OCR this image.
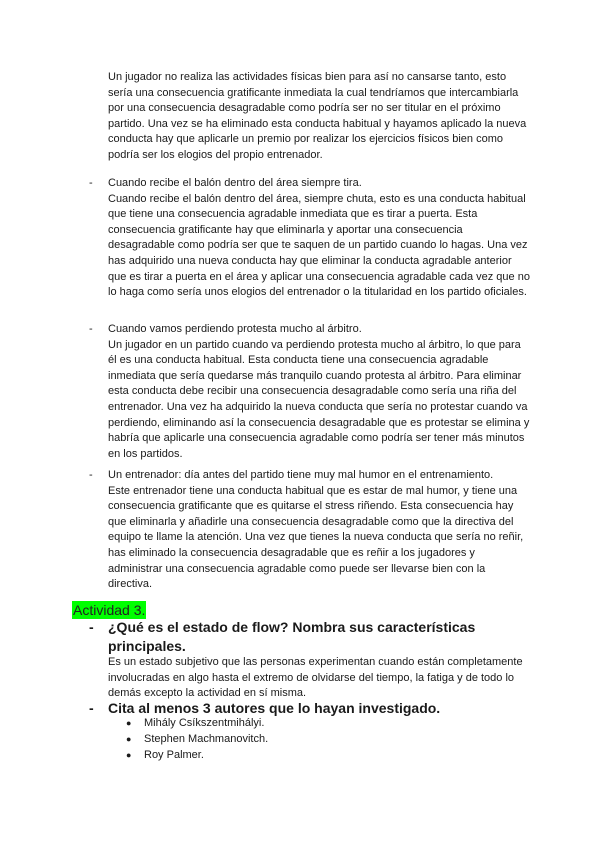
Un jugador no realiza las actividades físicas bien para así no cansarse tanto, esto sería una consecuencia gratificante inmediata la cual tendríamos que intercambiarla por una consecuencia desagradable como podría ser no ser titular en el próximo partido. Una vez se ha eliminado esta conducta habitual y hayamos aplicado la nueva conducta hay que aplicarle un premio por realizar los ejercicios físicos bien como podría ser los elogios del propio entrenador.

- Cuando recibe el balón dentro del área siempre tira.

Cuando recibe el balón dentro del área, siempre chuta, esto es una conducta habitual que tiene una consecuencia agradable inmediata que es tirar a puerta. Esta consecuencia gratificante hay que eliminarla y aportar una consecuencia desagradable como podría ser que te saquen de un partido cuando lo hagas. Una vez has adquirido una nueva conducta hay que eliminar la conducta agradable anterior que es tirar a puerta en el área y aplicar una consecuencia agradable cada vez que no lo haga como sería unos elogios del entrenador o la titularidad en los partido oficiales.

- Cuando vamos perdiendo protesta mucho al árbitro.

Un jugador en un partido cuando va perdiendo protesta mucho al árbitro, lo que para él es una conducta habitual. Esta conducta tiene una consecuencia agradable inmediata que sería quedarse más tranquilo cuando protesta al árbitro. Para eliminar esta conducta debe recibir una consecuencia desagradable como sería una riña del entrenador. Una vez ha adquirido la nueva conducta que sería no protestar cuando va perdiendo, eliminando así la consecuencia desagradable que es protestar se elimina y habría que aplicarle una consecuencia agradable como podría ser tener más minutos en los partidos.

- Un entrenador: día antes del partido tiene muy mal humor en el entrenamiento.

Este entrenador tiene una conducta habitual que es estar de mal humor, y tiene una consecuencia gratificante que es quitarse el stress riñendo. Esta consecuencia hay que eliminarla y añadirle una consecuencia desagradable como que la directiva del equipo te llame la atención. Una vez que tienes la nueva conducta que sería no reñir, has eliminado la consecuencia desagradable que es reñir a los jugadores y administrar una consecuencia agradable como puede ser llevarse bien con la directiva.

Actividad 3.
- ¿Qué es el estado de flow? Nombra sus características principales.

Es un estado subjetivo que las personas experimentan cuando están completamente involucradas en algo hasta el extremo de olvidarse del tiempo, la fatiga y de todo lo demás excepto la actividad en sí misma.

- Cita al menos 3 autores que lo hayan investigado.

● Mihály Csíkszentmihályi.
● Stephen Machmanovitch.
● Roy Palmer.
